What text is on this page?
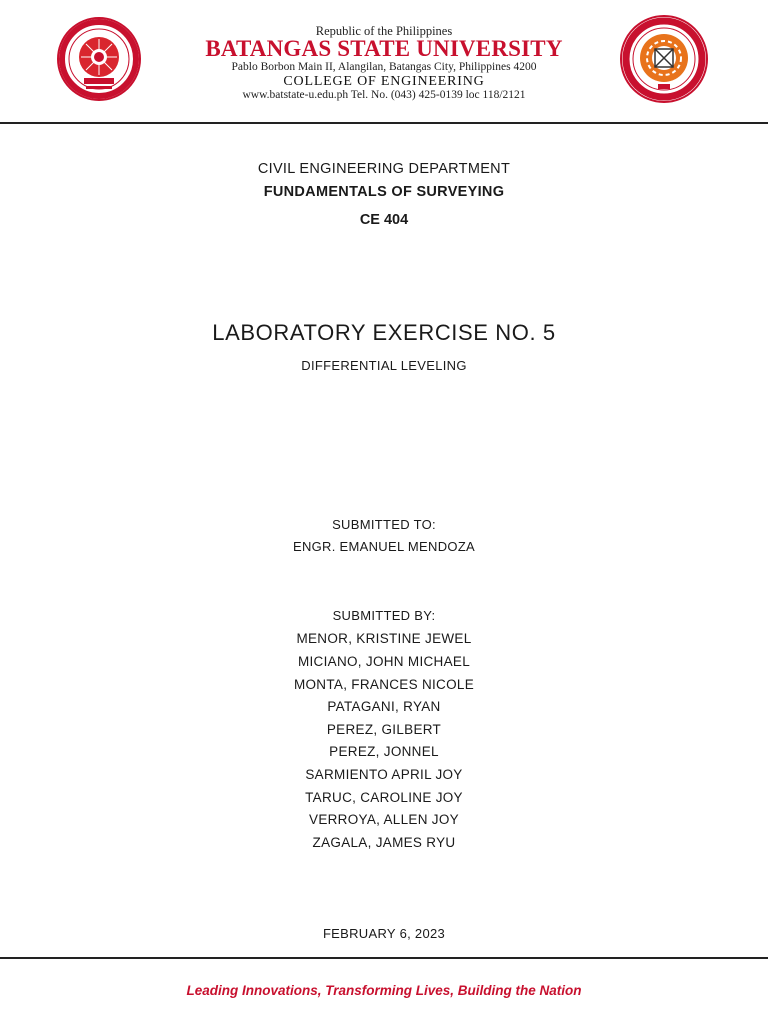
Republic of the Philippines
BATANGAS STATE UNIVERSITY
Pablo Borbon Main II, Alangilan, Batangas City, Philippines 4200
COLLEGE OF ENGINEERING
www.batstate-u.edu.ph Tel. No. (043) 425-0139 loc 118/2121
CIVIL ENGINEERING DEPARTMENT
FUNDAMENTALS OF SURVEYING
CE 404
LABORATORY EXERCISE NO. 5
DIFFERENTIAL LEVELING
SUBMITTED TO:
ENGR. EMANUEL MENDOZA
SUBMITTED BY:
MENOR, KRISTINE JEWEL
MICIANO, JOHN MICHAEL
MONTA, FRANCES NICOLE
PATAGANI, RYAN
PEREZ, GILBERT
PEREZ, JONNEL
SARMIENTO APRIL JOY
TARUC, CAROLINE JOY
VERROYA, ALLEN JOY
ZAGALA, JAMES RYU
FEBRUARY 6, 2023
Leading Innovations, Transforming Lives, Building the Nation
